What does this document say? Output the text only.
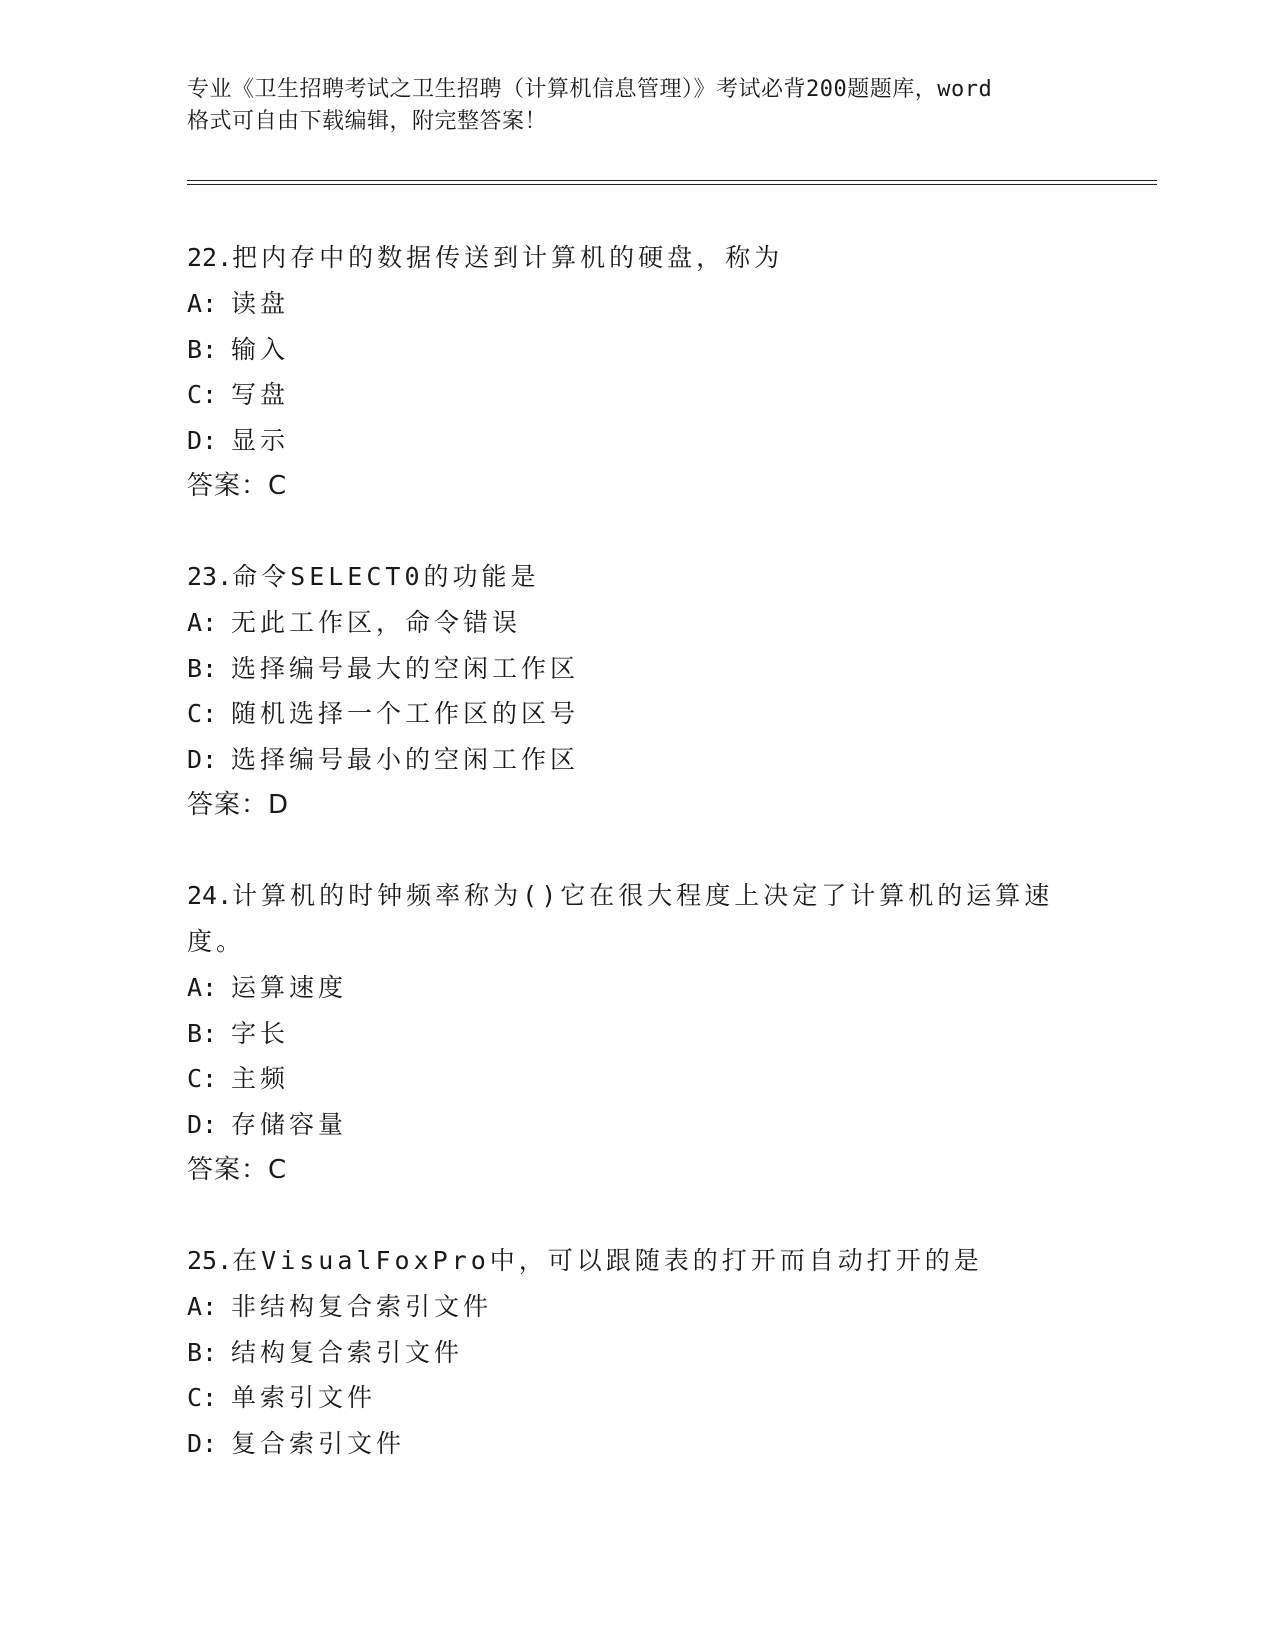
专业《卫生招聘考试之卫生招聘（计算机信息管理）》考试必背200题题库，word
格式可自由下载编辑，附完整答案！

22.把内存中的数据传送到计算机的硬盘，称为

A: 读盘

B: 输入

C: 写盘

D: 显示

答案：C

23.命令SELECT0的功能是

A: 无此工作区，命令错误

B: 选择编号最大的空闲工作区

C: 随机选择一个工作区的区号

D: 选择编号最小的空闲工作区

答案：D

24.计算机的时钟频率称为()它在很大程度上决定了计算机的运算速度。

A: 运算速度

B: 字长

C: 主频

D: 存储容量

答案：C

25.在VisualFoxPro中，可以跟随表的打开而自动打开的是

A: 非结构复合索引文件

B: 结构复合索引文件

C: 单索引文件

D: 复合索引文件
